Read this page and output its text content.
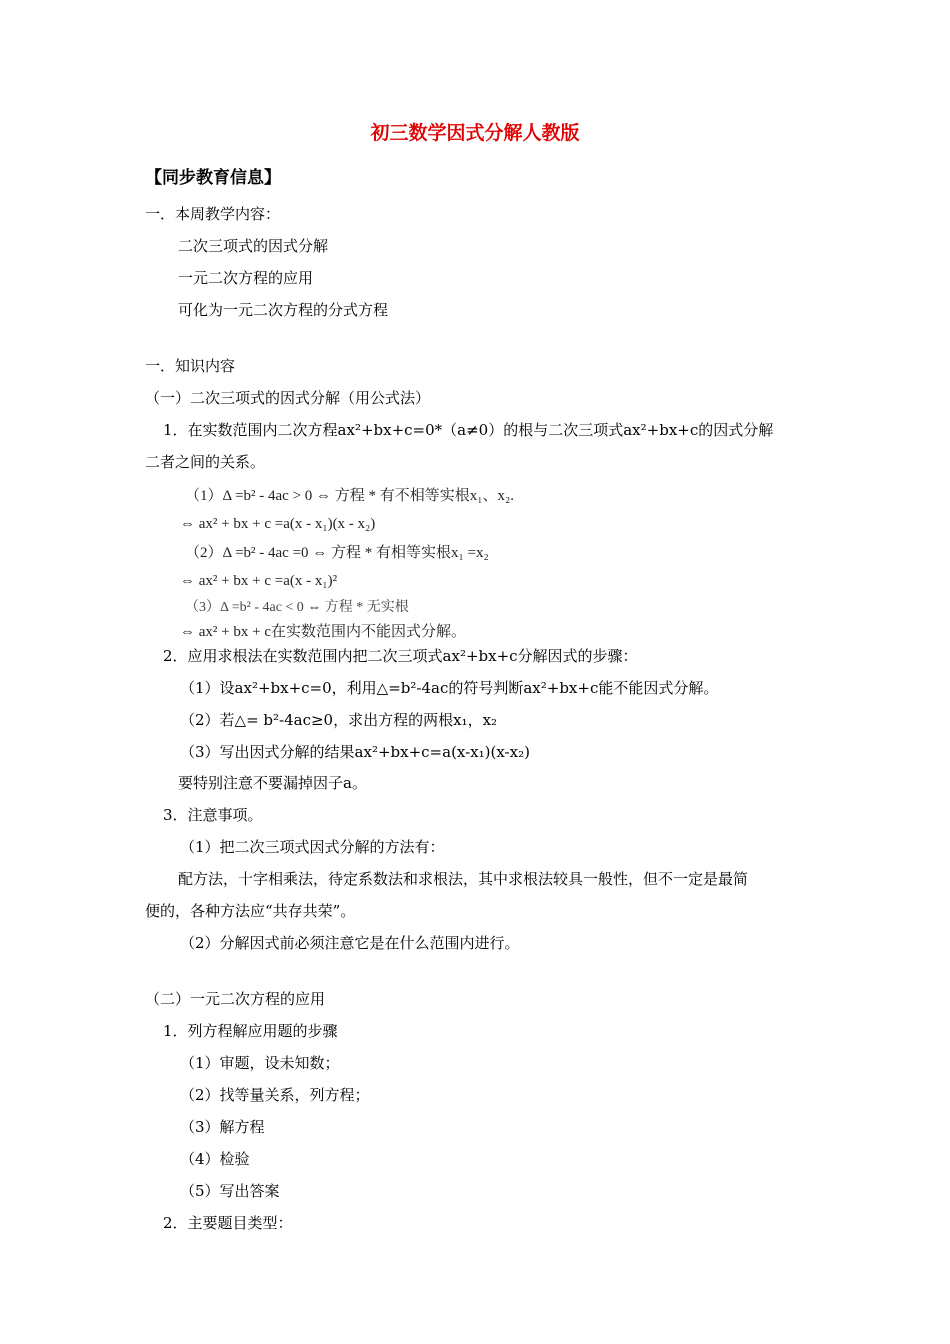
初三数学因式分解人教版
【同步教育信息】
一．本周教学内容：
二次三项式的因式分解
一元二次方程的应用
可化为一元二次方程的分式方程
一．知识内容
（一）二次三项式的因式分解（用公式法）
1．在实数范围内二次方程ax²+bx+c=0*（a≠0）的根与二次三项式ax²+bx+c的因式分解
二者之间的关系。
（1）Δ =b² - 4ac > 0 ⇔ 方程 * 有不相等实根x₁、x₂.
⇔ ax² + bx + c =a(x - x₁)(x - x₂)
（2）Δ =b² - 4ac =0 ⇔ 方程 * 有相等实根x₁ =x₂
⇔ ax² + bx + c =a(x - x₁)²
（3）Δ =b² - 4ac < 0 ⇔ 方程 * 无实根
⇔ ax² + bx + c在实数范围内不能因式分解。
2．应用求根法在实数范围内把二次三项式ax²+bx+c分解因式的步骤：
（1）设ax²+bx+c=0，利用△=b²-4ac的符号判断ax²+bx+c能不能因式分解。
（2）若△= b²-4ac≥0，求出方程的两根x₁，x₂
（3）写出因式分解的结果ax²+bx+c=a(x-x₁)(x-x₂)
要特别注意不要漏掉因子a。
3．注意事项。
（1）把二次三项式因式分解的方法有：
配方法，十字相乘法，待定系数法和求根法，其中求根法较具一般性，但不一定是最简
便的，各种方法应“共存共荣”。
（2）分解因式前必须注意它是在什么范围内进行。
（二）一元二次方程的应用
1．列方程解应用题的步骤
（1）审题，设未知数；
（2）找等量关系，列方程；
（3）解方程
（4）检验
（5）写出答案
2．主要题目类型：
